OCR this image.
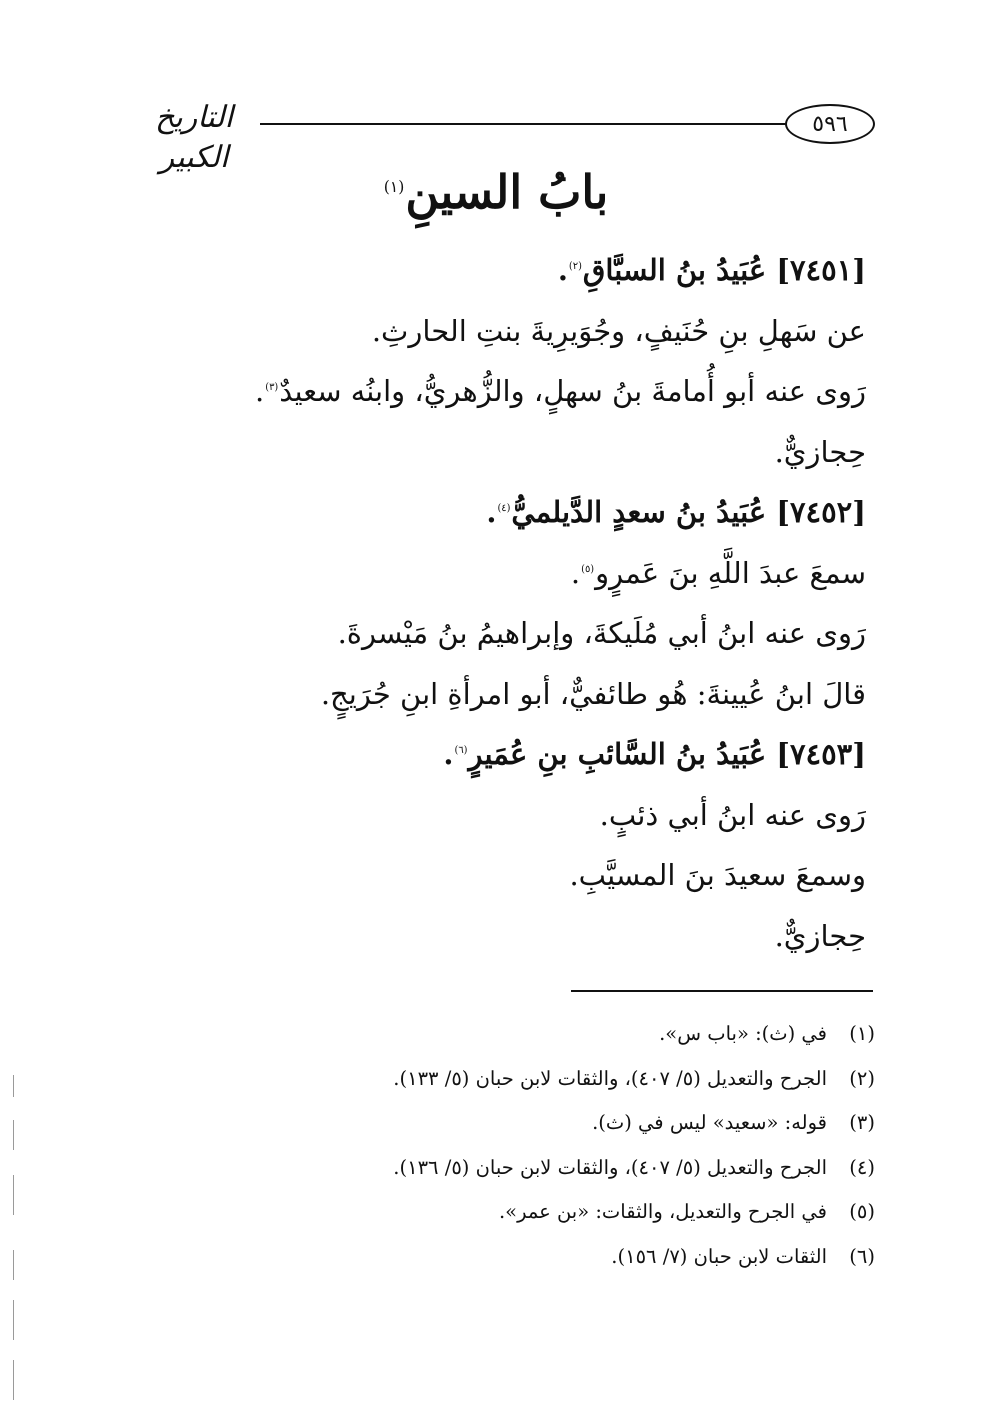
٥٩٦
التاريخ الكبير
بابُ السينِ$^{(١)}$
[٧٤٥١] عُبَيدُ بنُ السبَّاقِ$^{(٢)}$.
عن سَهلِ بنِ حُنَيفٍ، وجُوَيرِيةَ بنتِ الحارثِ.
رَوى عنه أبو أُمامةَ بنُ سهلٍ، والزُّهريُّ، وابنُه سعيدٌ$^{(٣)}$.
حِجازيٌّ.
[٧٤٥٢] عُبَيدُ بنُ سعدٍ الدَّيلميُّ$^{(٤)}$.
سمعَ عبدَ اللَّهِ بنَ عَمرٍو$^{(٥)}$.
رَوى عنه ابنُ أبي مُلَيكةَ، وإبراهيمُ بنُ مَيْسرةَ.
قالَ ابنُ عُيينةَ: هُو طائفيٌّ، أبو امرأةِ ابنِ جُرَيجٍ.
[٧٤٥٣] عُبَيدُ بنُ السَّائبِ بنِ عُمَيرٍ$^{(٦)}$.
رَوى عنه ابنُ أبي ذئبٍ.
وسمعَ سعيدَ بنَ المسيَّبِ.
حِجازيٌّ.
(١)
في (ث): «باب س».
(٢)
الجرح والتعديل (٥/ ٤٠٧)، والثقات لابن حبان (٥/ ١٣٣).
(٣)
قوله: «سعيد» ليس في (ث).
(٤)
الجرح والتعديل (٥/ ٤٠٧)، والثقات لابن حبان (٥/ ١٣٦).
(٥)
في الجرح والتعديل، والثقات: «بن عمر».
(٦)
الثقات لابن حبان (٧/ ١٥٦).
